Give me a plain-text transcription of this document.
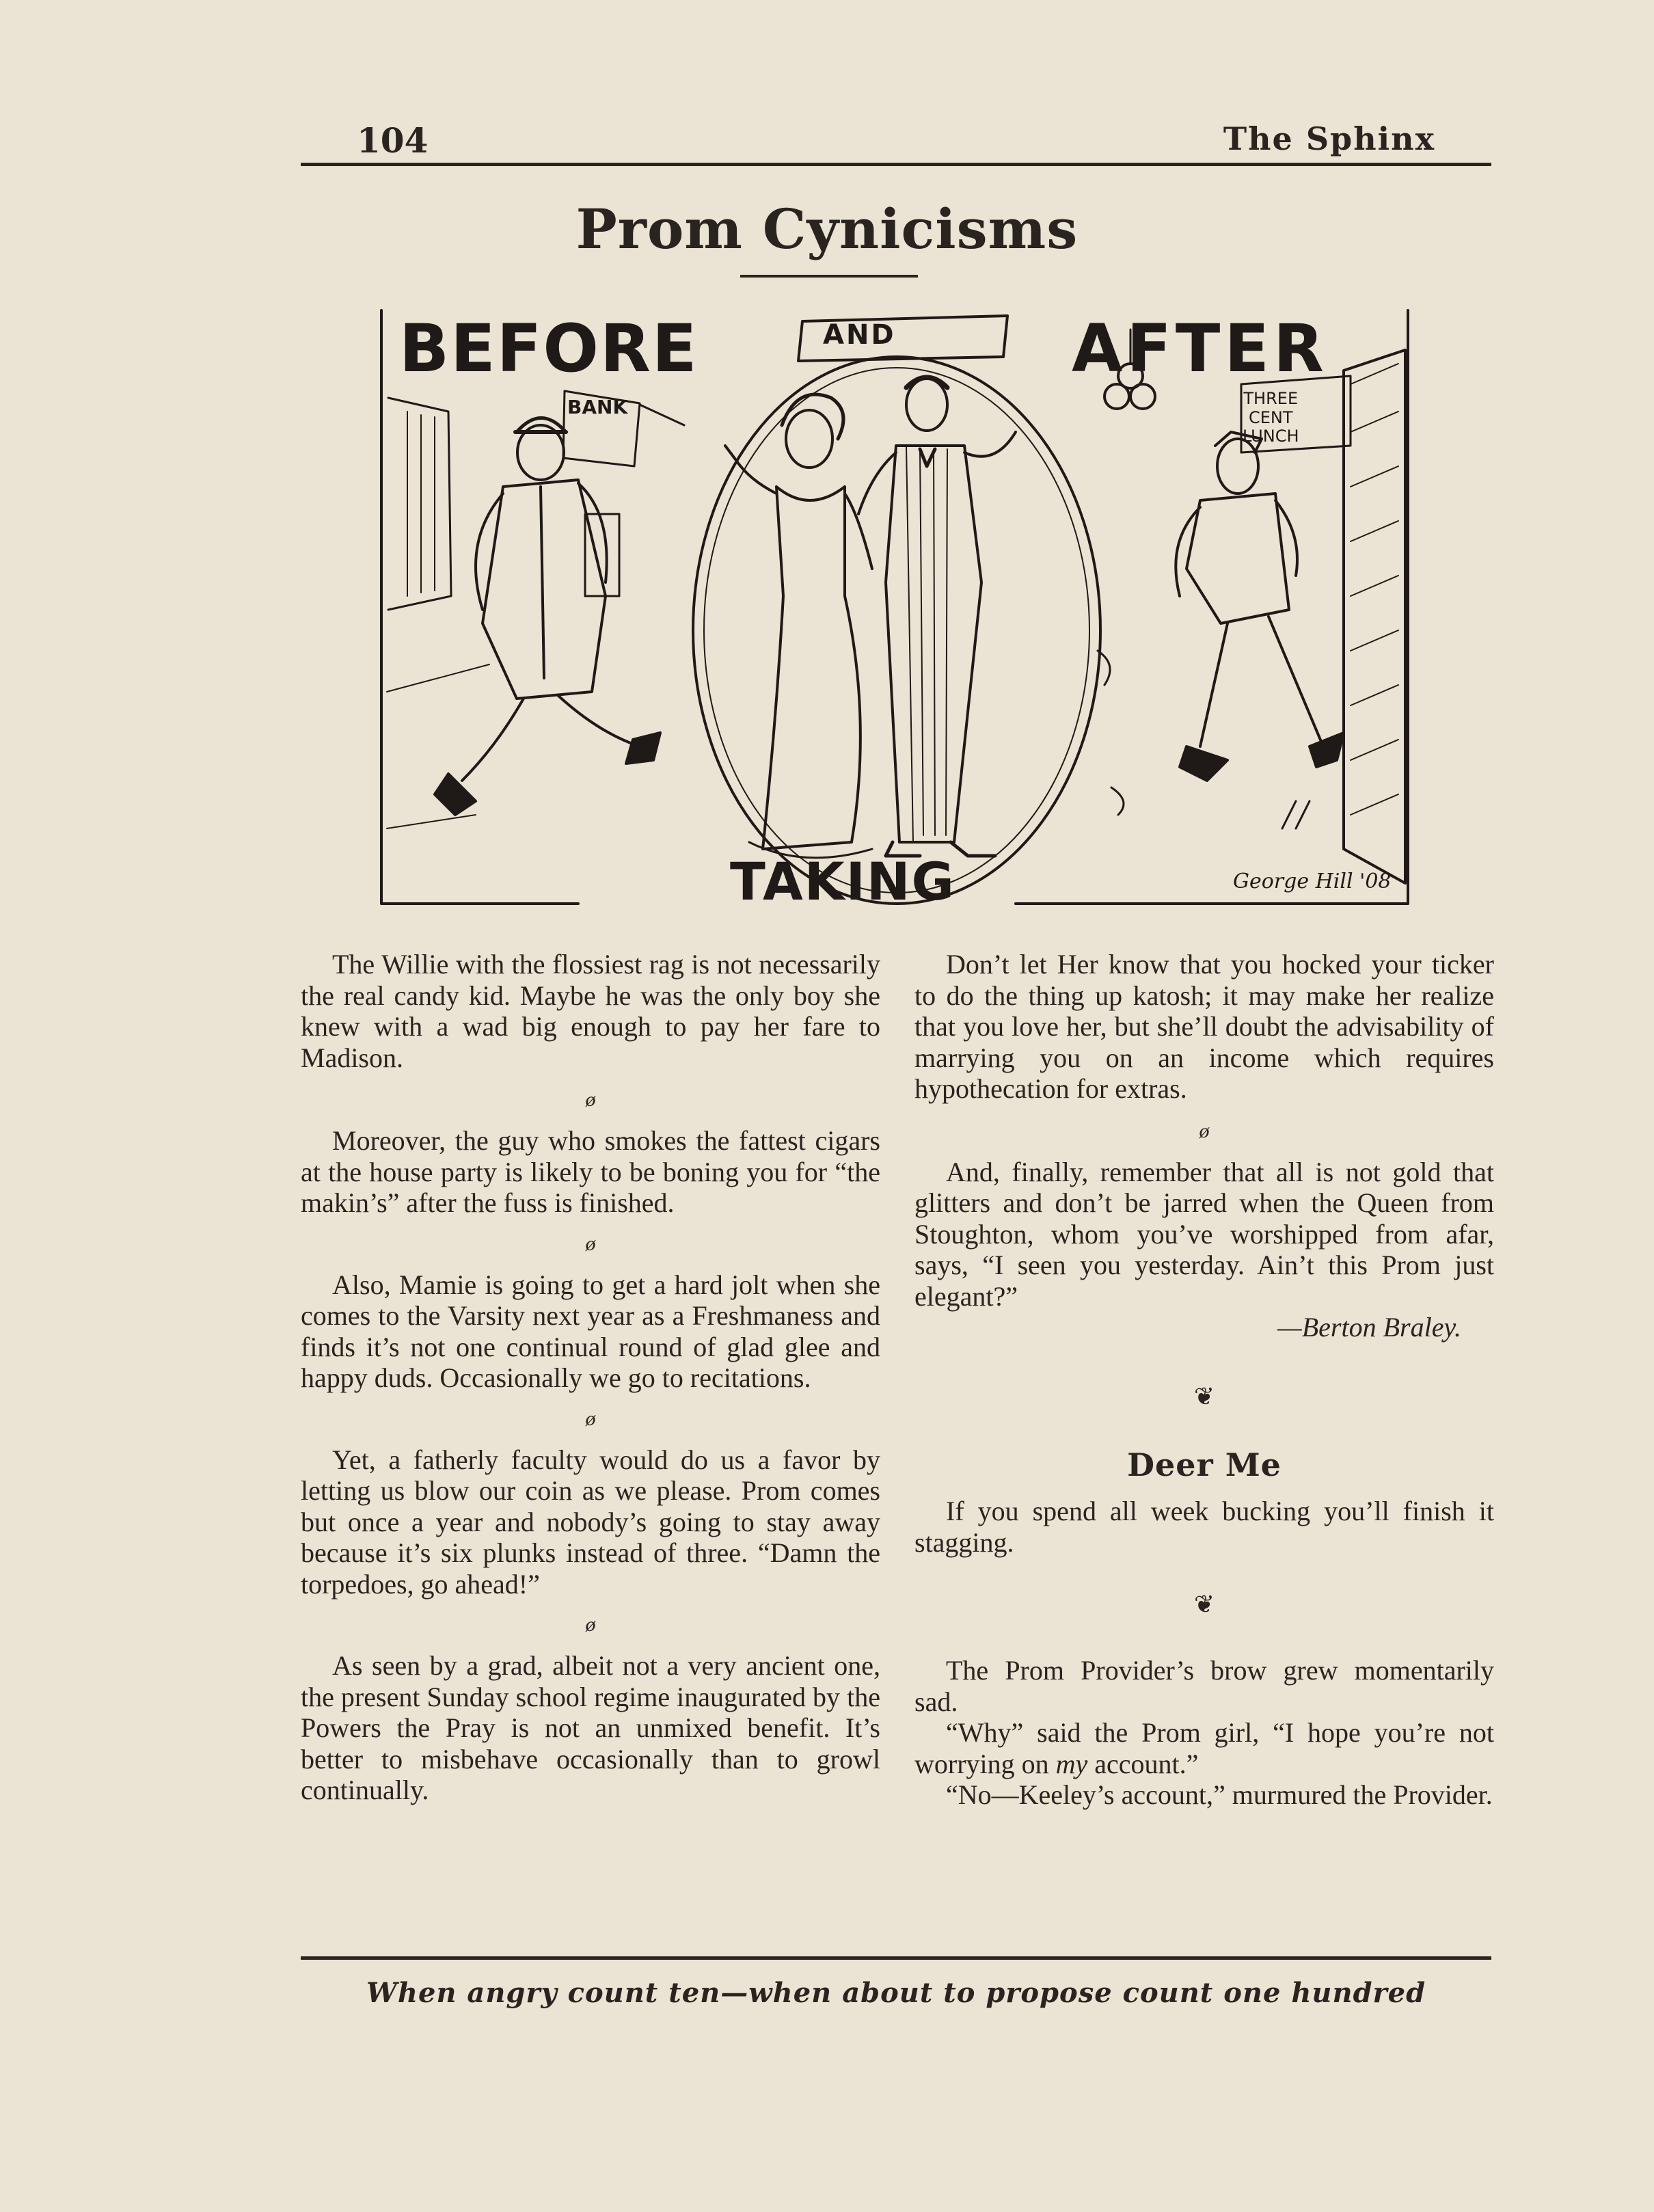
104	The Sphinx
Prom Cynicisms
BEFORE	AND	AFTER
TAKING
BANK	THREE
CENT
LUNCH
George Hill '08

The Willie with the flossiest rag is not necessarily the real candy kid. Maybe he was the only boy she knew with a wad big enough to pay her fare to Madison.

ø

Moreover, the guy who smokes the fattest cigars at the house party is likely to be boning you for “the makin’s” after the fuss is finished.

ø

Also, Mamie is going to get a hard jolt when she comes to the Varsity next year as a Freshmaness and finds it’s not one continual round of glad glee and happy duds. Occasionally we go to recitations.

ø

Yet, a fatherly faculty would do us a favor by letting us blow our coin as we please. Prom comes but once a year and nobody’s going to stay away because it’s six plunks instead of three. “Damn the torpedoes, go ahead!”

ø

As seen by a grad, albeit not a very ancient one, the present Sunday school regime inaugurated by the Powers the Pray is not an unmixed benefit. It’s better to misbehave occasionally than to growl continually.

Don’t let Her know that you hocked your ticker to do the thing up katosh; it may make her realize that you love her, but she’ll doubt the advisability of marrying you on an income which requires hypothecation for extras.

ø

And, finally, remember that all is not gold that glitters and don’t be jarred when the Queen from Stoughton, whom you’ve worshipped from afar, says, “I seen you yesterday. Ain’t this Prom just elegant?”

—Berton Braley.
❦
Deer Me

If you spend all week bucking you’ll finish it stagging.

❦

The Prom Provider’s brow grew momentarily sad.

“Why” said the Prom girl, “I hope you’re not worrying on my account.”

“No—Keeley’s account,” murmured the Provider.

When angry count ten—when about to propose count one hundred
